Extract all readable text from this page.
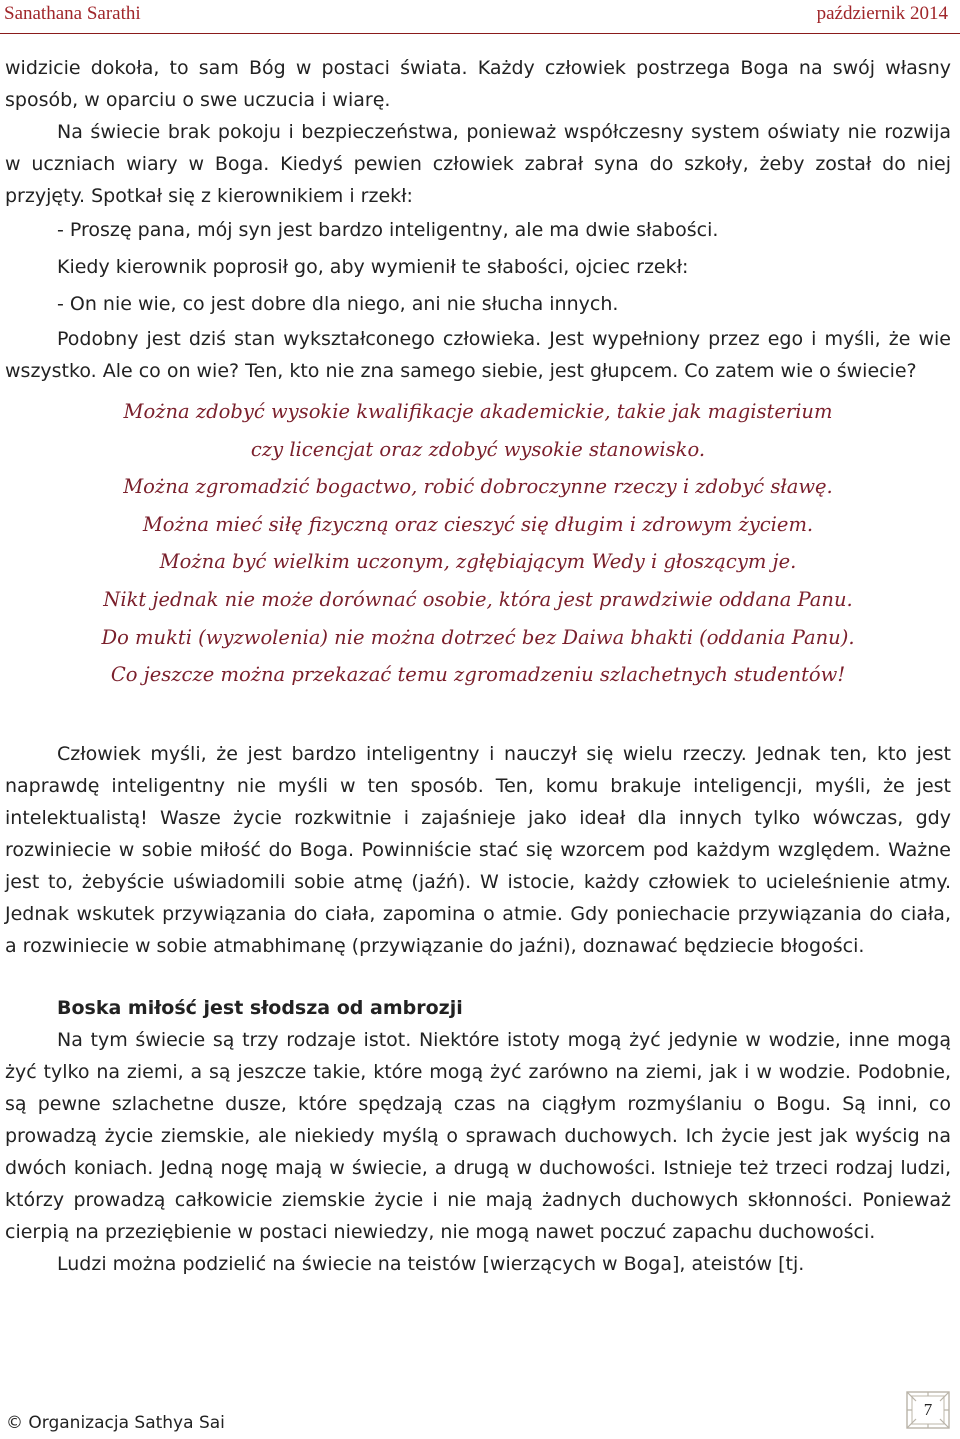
Sanathana Sarathi	październik 2014

widzicie dokoła, to sam Bóg w postaci świata. Każdy człowiek postrzega Boga na swój własny sposób, w oparciu o swe uczucia i wiarę.

Na świecie brak pokoju i bezpieczeństwa, ponieważ współczesny system oświaty nie rozwija w uczniach wiary w Boga. Kiedyś pewien człowiek zabrał syna do szkoły, żeby został do niej przyjęty. Spotkał się z kierownikiem i rzekł:

- Proszę pana, mój syn jest bardzo inteligentny, ale ma dwie słabości.

Kiedy kierownik poprosił go, aby wymienił te słabości, ojciec rzekł:

- On nie wie, co jest dobre dla niego, ani nie słucha innych.

Podobny jest dziś stan wykształconego człowieka. Jest wypełniony przez ego i myśli, że wie wszystko. Ale co on wie? Ten, kto nie zna samego siebie, jest głupcem. Co zatem wie o świecie?

Można zdobyć wysokie kwalifikacje akademickie, takie jak magisterium

czy licencjat oraz zdobyć wysokie stanowisko.

Można zgromadzić bogactwo, robić dobroczynne rzeczy i zdobyć sławę.

Można mieć siłę fizyczną oraz cieszyć się długim i zdrowym życiem.

Można być wielkim uczonym, zgłębiającym Wedy i głoszącym je.

Nikt jednak nie może dorównać osobie, która jest prawdziwie oddana Panu.

Do mukti (wyzwolenia) nie można dotrzeć bez Daiwa bhakti (oddania Panu).

Co jeszcze można przekazać temu zgromadzeniu szlachetnych studentów!

Człowiek myśli, że jest bardzo inteligentny i nauczył się wielu rzeczy. Jednak ten, kto jest naprawdę inteligentny nie myśli w ten sposób. Ten, komu brakuje inteligencji, myśli, że jest intelektualistą! Wasze życie rozkwitnie i zajaśnieje jako ideał dla innych tylko wówczas, gdy rozwiniecie w sobie miłość do Boga. Powinniście stać się wzorcem pod każdym względem. Ważne jest to, żebyście uświadomili sobie atmę (jaźń). W istocie, każdy człowiek to ucieleśnienie atmy. Jednak wskutek przywiązania do ciała, zapomina o atmie. Gdy poniechacie przywiązania do ciała, a rozwiniecie w sobie atmabhimanę (przywiązanie do jaźni), doznawać będziecie błogości.

Boska miłość jest słodsza od ambrozji

Na tym świecie są trzy rodzaje istot. Niektóre istoty mogą żyć jedynie w wodzie, inne mogą żyć tylko na ziemi, a są jeszcze takie, które mogą żyć zarówno na ziemi, jak i w wodzie. Podobnie, są pewne szlachetne dusze, które spędzają czas na ciągłym rozmyślaniu o Bogu. Są inni, co prowadzą życie ziemskie, ale niekiedy myślą o sprawach duchowych. Ich życie jest jak wyścig na dwóch koniach. Jedną nogę mają w świecie, a drugą w duchowości. Istnieje też trzeci rodzaj ludzi, którzy prowadzą całkowicie ziemskie życie i nie mają żadnych duchowych skłonności. Ponieważ cierpią na przeziębienie w postaci niewiedzy, nie mogą nawet poczuć zapachu duchowości.

Ludzi można podzielić na świecie na teistów [wierzących w Boga], ateistów [tj.

© Organizacja Sathya Sai
7
